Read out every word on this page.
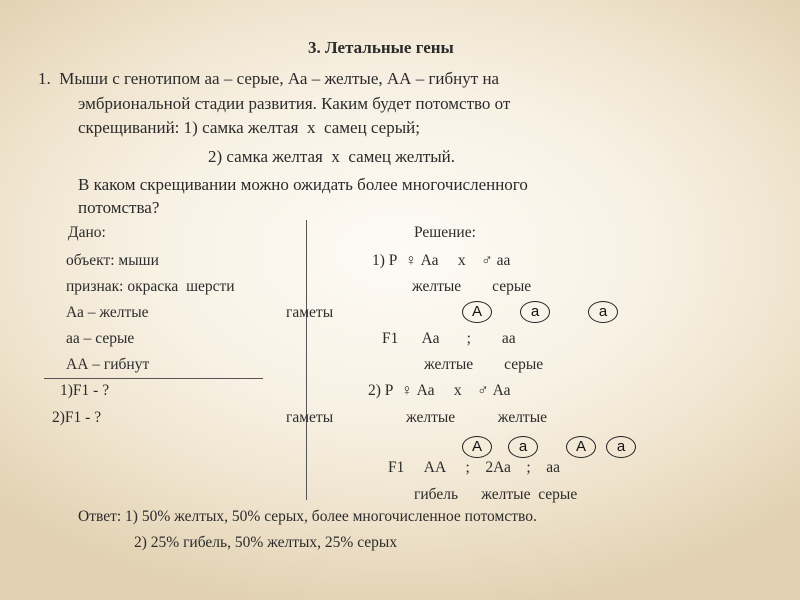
3. Летальные гены
1.  Мыши с генотипом аа – серые, Аа – желтые, АА – гибнут на
эмбриональной стадии развития. Каким будет потомство от
скрещиваний: 1) самка желтая  х  самец серый;
2) самка желтая  х  самец желтый.
В каком скрещивании можно ожидать более многочисленного
потомства?
Дано:
объект: мыши
признак: окраска  шерсти
Аа – желтые
аа – серые
АА – гибнут
1)F1 - ?
2)F1 - ?
Решение:
1) Р  ♀ Аа     х    ♂ аа
желтые        серые
гаметы	А	а	а
F1      Аа       ;        аа
желтые        серые
2) Р  ♀ Аа     х    ♂ Аа
гаметы	желтые           желтые
А	а	А	а
F1     АА     ;    2Аа    ;    аа
гибель      желтые  серые
Ответ: 1) 50% желтых, 50% серых, более многочисленное потомство.
2) 25% гибель, 50% желтых, 25% серых
